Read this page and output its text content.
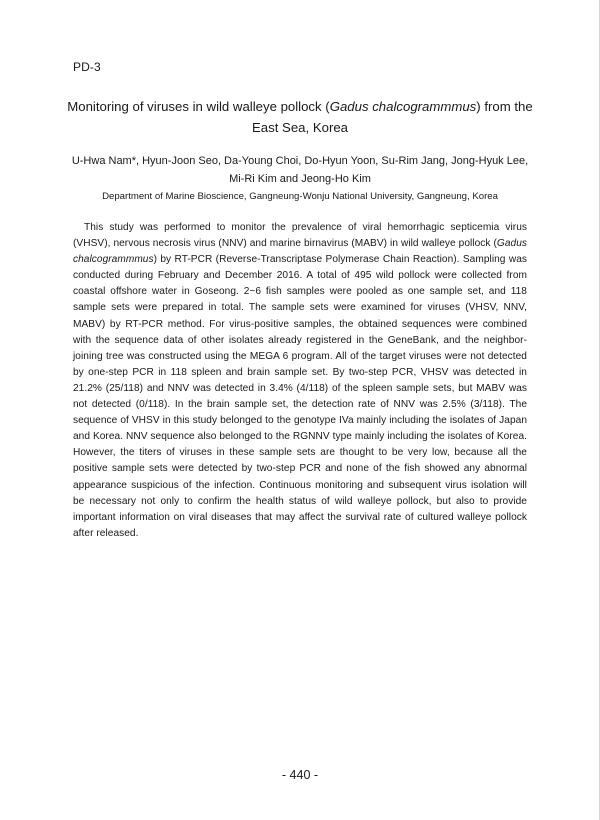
PD-3
Monitoring of viruses in wild walleye pollock (Gadus chalcogrammmus) from the East Sea, Korea
U-Hwa Nam*, Hyun-Joon Seo, Da-Young Choi, Do-Hyun Yoon, Su-Rim Jang, Jong-Hyuk Lee,
Mi-Ri Kim and Jeong-Ho Kim
Department of Marine Bioscience, Gangneung-Wonju National University, Gangneung, Korea

This study was performed to monitor the prevalence of viral hemorrhagic septicemia virus (VHSV), nervous necrosis virus (NNV) and marine birnavirus (MABV) in wild walleye pollock (Gadus chalcogrammmus) by RT-PCR (Reverse-Transcriptase Polymerase Chain Reaction). Sampling was conducted during February and December 2016. A total of 495 wild pollock were collected from coastal offshore water in Goseong. 2~6 fish samples were pooled as one sample set, and 118 sample sets were prepared in total. The sample sets were examined for viruses (VHSV, NNV, MABV) by RT-PCR method. For virus-positive samples, the obtained sequences were combined with the sequence data of other isolates already registered in the GeneBank, and the neighbor-joining tree was constructed using the MEGA 6 program. All of the target viruses were not detected by one-step PCR in 118 spleen and brain sample set. By two-step PCR, VHSV was detected in 21.2% (25/118) and NNV was detected in 3.4% (4/118) of the spleen sample sets, but MABV was not detected (0/118). In the brain sample set, the detection rate of NNV was 2.5% (3/118). The sequence of VHSV in this study belonged to the genotype IVa mainly including the isolates of Japan and Korea. NNV sequence also belonged to the RGNNV type mainly including the isolates of Korea. However, the titers of viruses in these sample sets are thought to be very low, because all the positive sample sets were detected by two-step PCR and none of the fish showed any abnormal appearance suspicious of the infection. Continuous monitoring and subsequent virus isolation will be necessary not only to confirm the health status of wild walleye pollock, but also to provide important information on viral diseases that may affect the survival rate of cultured walleye pollock after released.

- 440 -
